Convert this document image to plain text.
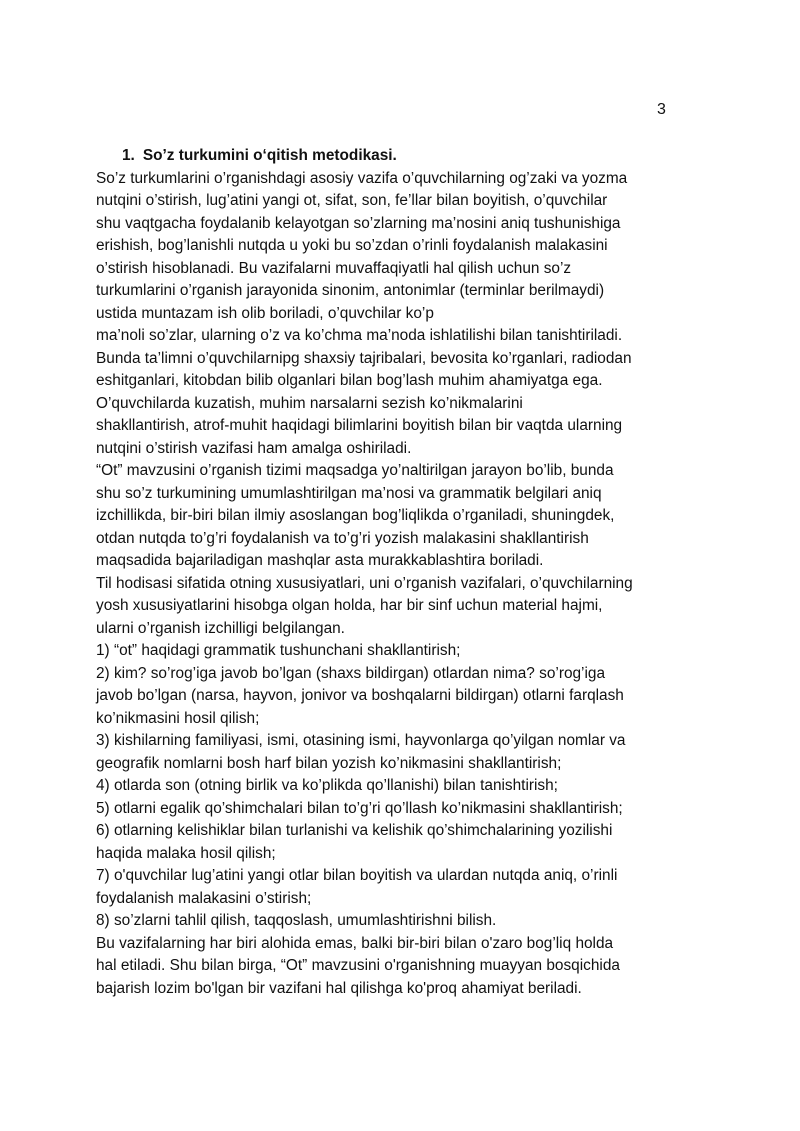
3
1. So’z turkumini oʻqitish metodikasi.
So’z turkumlarini o’rganishdagi asosiy vazifa o’quvchilarning og’zaki va yozma
nutqini o’stirish, lug’atini yangi ot, sifat, son, fe’llar bilan boyitish, o’quvchilar
shu vaqtgacha foydalanib kelayotgan so’zlarning ma’nosini aniq tushunishiga
erishish, bog’lanishli nutqda u yoki bu so’zdan o’rinli foydalanish malakasini
o’stirish hisoblanadi. Bu vazifalarni muvaffaqiyatli hal qilish uchun so’z
turkumlarini o’rganish jarayonida sinonim, antonimlar (terminlar berilmaydi)
ustida muntazam ish olib boriladi, o’quvchilar ko’p
ma’noli so’zlar, ularning o’z va ko’chma ma’noda ishlatilishi bilan tanishtiriladi.
Bunda ta’limni o’quvchilarnipg shaxsiy tajribalari, bevosita ko’rganlari, radiodan
eshitganlari, kitobdan bilib olganlari bilan bog’lash muhim ahamiyatga ega.
O’quvchilarda kuzatish, muhim narsalarni sezish ko’nikmalarini
shakllantirish, atrof-muhit haqidagi bilimlarini boyitish bilan bir vaqtda ularning
nutqini o’stirish vazifasi ham amalga oshiriladi.
“Ot” mavzusini o’rganish tizimi maqsadga yo’naltirilgan jarayon bo’lib, bunda
shu so’z turkumining umumlashtirilgan ma’nosi va grammatik belgilari aniq
izchillikda, bir-biri bilan ilmiy asoslangan bog’liqlikda o’rganiladi, shuningdek,
otdan nutqda to’g’ri foydalanish va to’g’ri yozish malakasini shakllantirish
maqsadida bajariladigan mashqlar asta murakkablashtira boriladi.
Til hodisasi sifatida otning xususiyatlari, uni o’rganish vazifalari, o’quvchilarning
yosh xususiyatlarini hisobga olgan holda, har bir sinf uchun material hajmi,
ularni o’rganish izchilligi belgilangan.
1) “ot” haqidagi grammatik tushunchani shakllantirish;
2) kim? so’rog’iga javob bo’lgan (shaxs bildirgan) otlardan nima? so’rog’iga
javob bo’lgan (narsa, hayvon, jonivor va boshqalarni bildirgan) otlarni farqlash
ko’nikmasini hosil qilish;
3) kishilarning familiyasi, ismi, otasining ismi, hayvonlarga qo’yilgan nomlar va
geografik nomlarni bosh harf bilan yozish ko’nikmasini shakllantirish;
4) otlarda son (otning birlik va ko’plikda qo’llanishi) bilan tanishtirish;
5) otlarni egalik qo’shimchalari bilan to’g’ri qo’llash ko’nikmasini shakllantirish;
6) otlarning kelishiklar bilan turlanishi va kelishik qo’shimchalarining yozilishi
haqida malaka hosil qilish;
7) o'quvchilar lug’atini yangi otlar bilan boyitish va ulardan nutqda aniq, o’rinli
foydalanish malakasini o’stirish;
8) so’zlarni tahlil qilish, taqqoslash, umumlashtirishni bilish.
Bu vazifalarning har biri alohida emas, balki bir-biri bilan o'zaro bog’liq holda
hal etiladi. Shu bilan birga, “Ot” mavzusini o'rganishning muayyan bosqichida
bajarish lozim bo'lgan bir vazifani hal qilishga ko'proq ahamiyat beriladi.
